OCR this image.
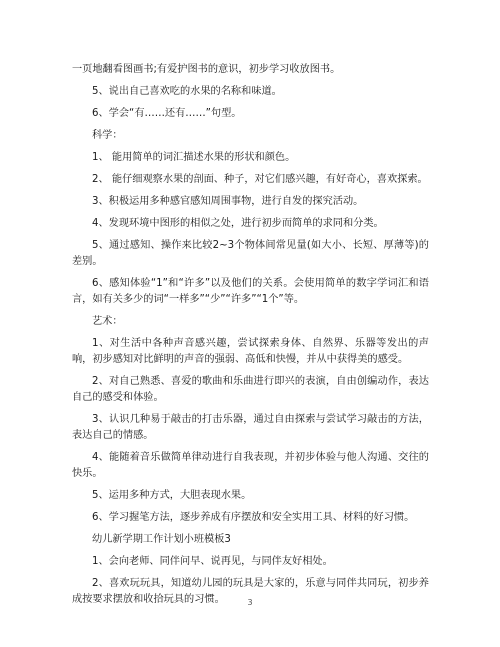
一页地翻看图画书;有爱护图书的意识，初步学习收放图书。

5、说出自己喜欢吃的水果的名称和味道。

6、学会“有……还有……”句型。

科学：

1、 能用简单的词汇描述水果的形状和颜色。

2、 能仔细观察水果的剖面、种子，对它们感兴趣，有好奇心，喜欢探索。

3、积极运用多种感官感知周围事物，进行自发的探究活动。

4、发现环境中图形的相似之处，进行初步而简单的求同和分类。

5、通过感知、操作来比较2~3个物体间常见量(如大小、长短、厚薄等)的差别。

6、感知体验“1”和“许多”以及他们的关系。会使用简单的数字学词汇和语言，如有关多少的词“一样多”“少”“许多”“1个”等。

艺术：

1、对生活中各种声音感兴趣，尝试探索身体、自然界、乐器等发出的声响，初步感知对比鲜明的声音的强弱、高低和快慢，并从中获得美的感受。

2、对自己熟悉、喜爱的歌曲和乐曲进行即兴的表演，自由创编动作，表达自己的感受和体验。

3、认识几种易于敲击的打击乐器，通过自由探索与尝试学习敲击的方法，表达自己的情感。

4、能随着音乐做简单律动进行自我表现，并初步体验与他人沟通、交往的快乐。

5、运用多种方式，大胆表现水果。

6、学习握笔方法，逐步养成有序摆放和安全实用工具、材料的好习惯。

幼儿新学期工作计划小班模板3

1、会向老师、同伴问早、说再见，与同伴友好相处。

2、喜欢玩玩具，知道幼儿园的玩具是大家的，乐意与同伴共同玩，初步养成按要求摆放和收拾玩具的习惯。	3
